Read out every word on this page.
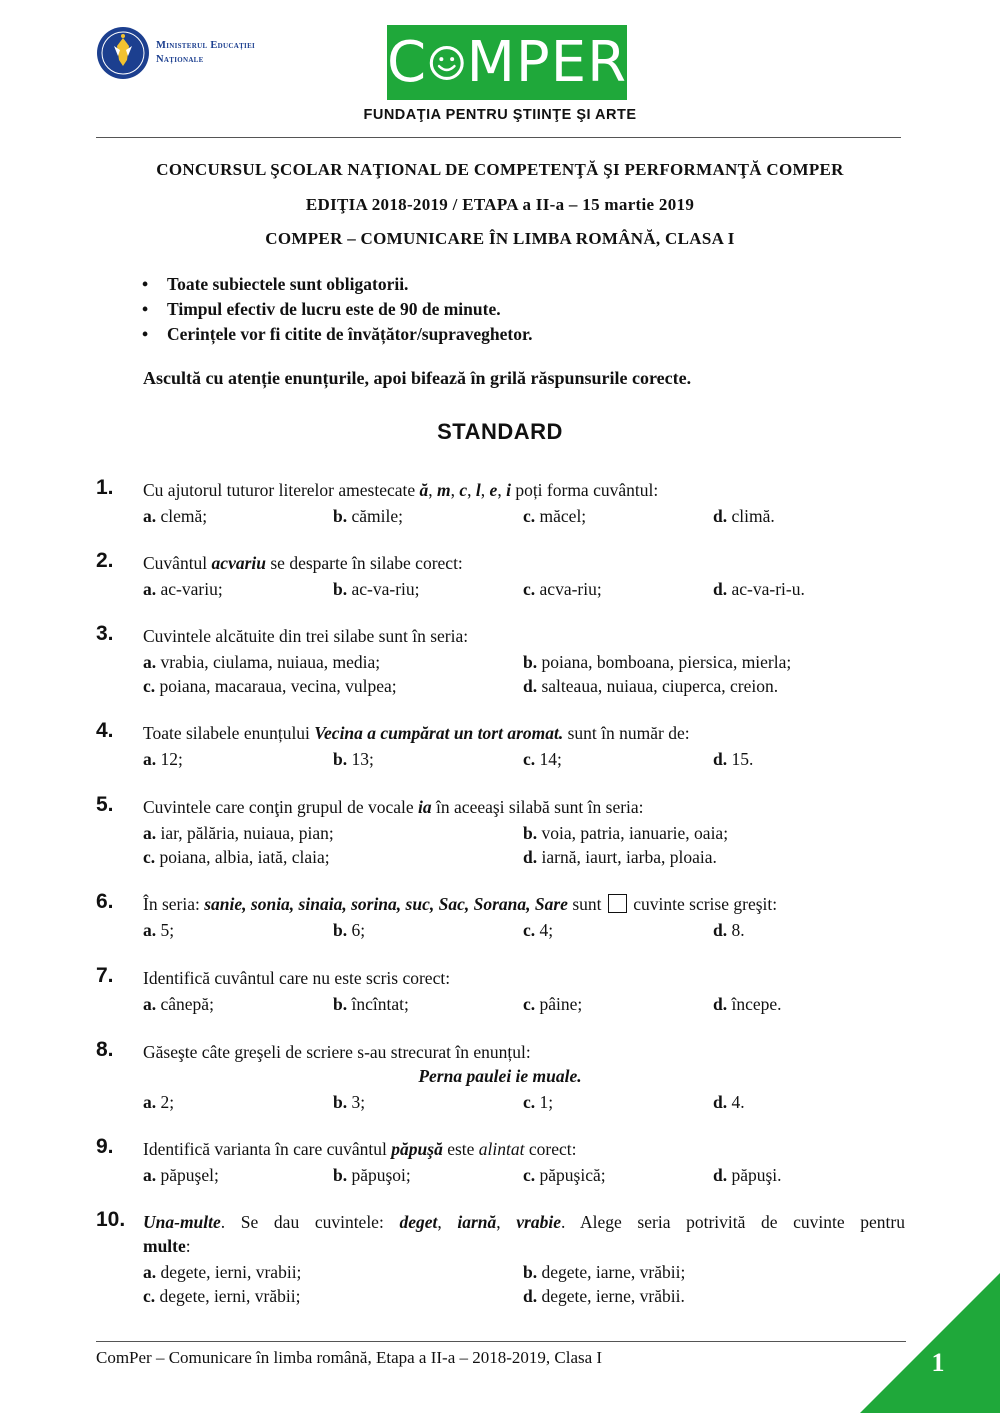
Ministerul Educației
Naționale	C MPER
FUNDAŢIA PENTRU ŞTIINŢE ŞI ARTE
CONCURSUL ŞCOLAR NAŢIONAL DE COMPETENŢĂ ŞI PERFORMANŢĂ COMPER
EDIŢIA 2018-2019 / ETAPA a II-a – 15 martie 2019
COMPER – COMUNICARE ÎN LIMBA ROMÂNĂ, CLASA I
• Toate subiectele sunt obligatorii.
• Timpul efectiv de lucru este de 90 de minute.
• Cerințele vor fi citite de învățător/supraveghetor.
Ascultă cu atenție enunțurile, apoi bifează în grilă răspunsurile corecte.
STANDARD
1. Cu ajutorul tuturor literelor amestecate ă, m, c, l, e, i poți forma cuvântul:
a. clemă;	b. cămile;	c. măcel;	d. climă.
2. Cuvântul acvariu se desparte în silabe corect:
a. ac-variu;	b. ac-va-riu;	c. acva-riu;	d. ac-va-ri-u.
3. Cuvintele alcătuite din trei silabe sunt în seria:
a. vrabia, ciulama, nuiaua, media;	b. poiana, bomboana, piersica, mierla;
c. poiana, macaraua, vecina, vulpea;	d. salteaua, nuiaua, ciuperca, creion.
4. Toate silabele enunțului Vecina a cumpărat un tort aromat. sunt în număr de:
a. 12;	b. 13;	c. 14;	d. 15.
5. Cuvintele care conţin grupul de vocale ia în aceeaşi silabă sunt în seria:
a. iar, pălăria, nuiaua, pian;	b. voia, patria, ianuarie, oaia;
c. poiana, albia, iată, claia;	d. iarnă, iaurt, iarba, ploaia.
6. În seria: sanie, sonia, sinaia, sorina, suc, Sac, Sorana, Sare sunt  cuvinte scrise greşit:
a. 5;	b. 6;	c. 4;	d. 8.
7. Identifică cuvântul care nu este scris corect:
a. cânepă;	b. încîntat;	c. pâine;	d. începe.
8. Găseşte câte greşeli de scriere s-au strecurat în enunțul:
Perna paulei ie muale.
a. 2;	b. 3;	c. 1;	d. 4.
9. Identifică varianta în care cuvântul păpuşă este alintat corect:
a. păpuşel;	b. păpuşoi;	c. păpuşică;	d. păpuşi.
10. Una-multe. Se dau cuvintele: deget, iarnă, vrabie. Alege seria potrivită de cuvinte pentru
multe:
a. degete, ierni, vrabii;	b. degete, iarne, vrăbii;
c. degete, ierni, vrăbii;	d. degete, ierne, vrăbii.
ComPer – Comunicare în limba română, Etapa a II-a – 2018-2019, Clasa I	1
